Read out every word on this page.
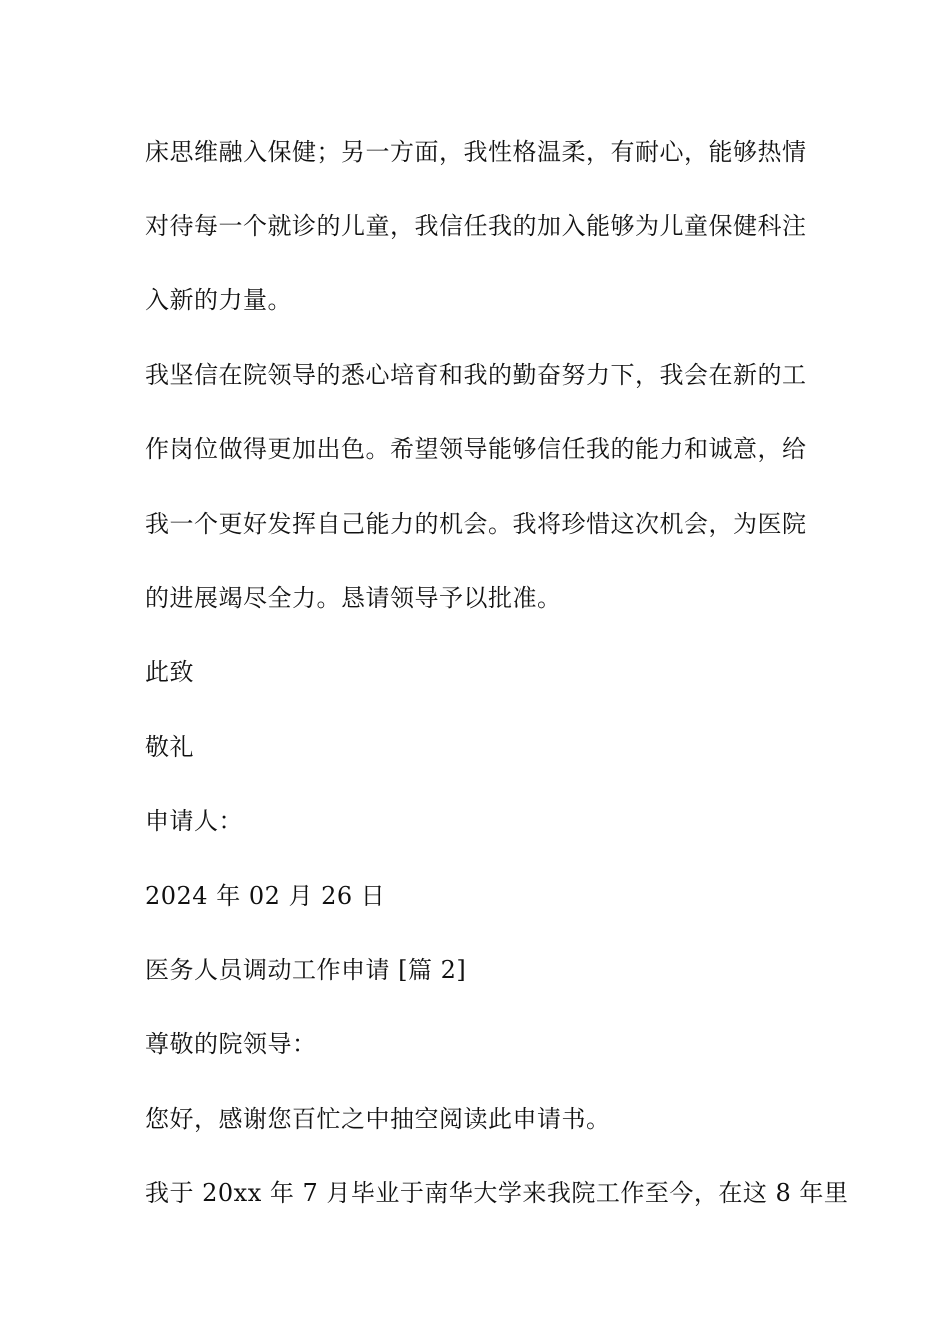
床思维融入保健；另一方面，我性格温柔，有耐心，能够热情
对待每一个就诊的儿童，我信任我的加入能够为儿童保健科注
入新的力量。
我坚信在院领导的悉心培育和我的勤奋努力下，我会在新的工
作岗位做得更加出色。希望领导能够信任我的能力和诚意，给
我一个更好发挥自己能力的机会。我将珍惜这次机会，为医院
的进展竭尽全力。恳请领导予以批准。
此致
敬礼
申请人：
2024 年 02 月 26 日
医务人员调动工作申请 [篇 2]
尊敬的院领导：
您好，感谢您百忙之中抽空阅读此申请书。
我于 20xx 年 7 月毕业于南华大学来我院工作至今，在这 8 年里
